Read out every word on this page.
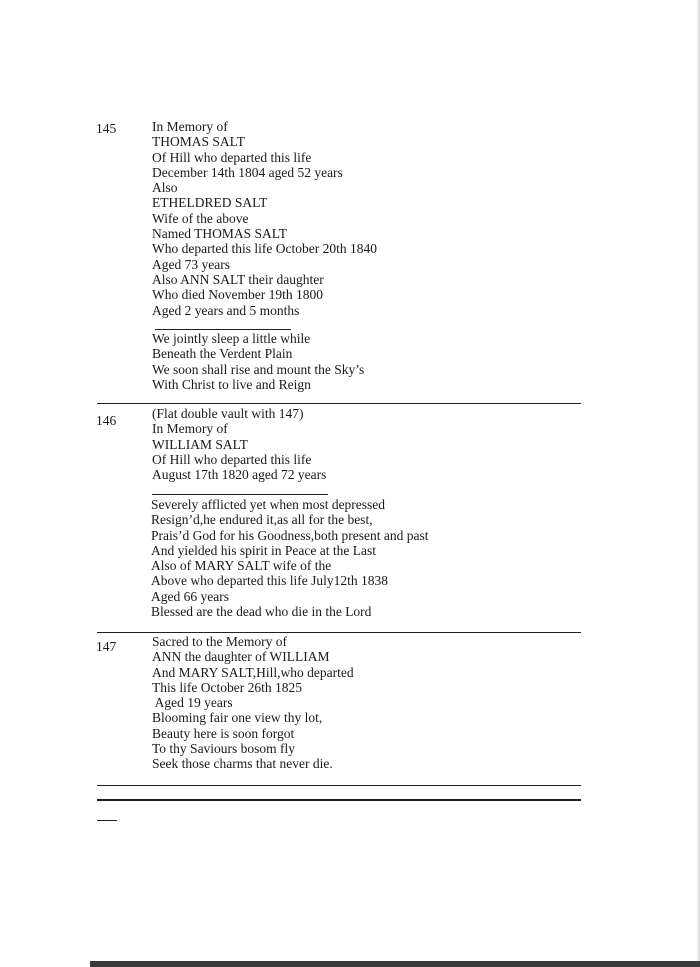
145	In Memory of
THOMAS SALT
Of Hill who departed this life
December 14th 1804 aged 52 years
Also
ETHELDRED SALT
Wife of the above
Named THOMAS SALT
Who departed this life October 20th 1840
Aged 73 years
Also ANN SALT their daughter
Who died November 19th 1800
Aged 2 years and 5 months
We jointly sleep a little while
Beneath the Verdent Plain
We soon shall rise and mount the Sky’s
With Christ to live and Reign
146	(Flat double vault with 147)
In Memory of
WILLIAM SALT
Of Hill who departed this life
August 17th 1820 aged 72 years
Severely afflicted yet when most depressed
Resign’d,he endured it,as all for the best,
Prais’d God for his Goodness,both present and past
And yielded his spirit in Peace at the Last
Also of MARY SALT wife of the
Above who departed this life July12th 1838
Aged 66 years
Blessed are the dead who die in the Lord
147	Sacred to the Memory of
ANN the daughter of WILLIAM
And MARY SALT,Hill,who departed
This life October 26th 1825
Aged 19 years
Blooming fair one view thy lot,
Beauty here is soon forgot
To thy Saviours bosom fly
Seek those charms that never die.
